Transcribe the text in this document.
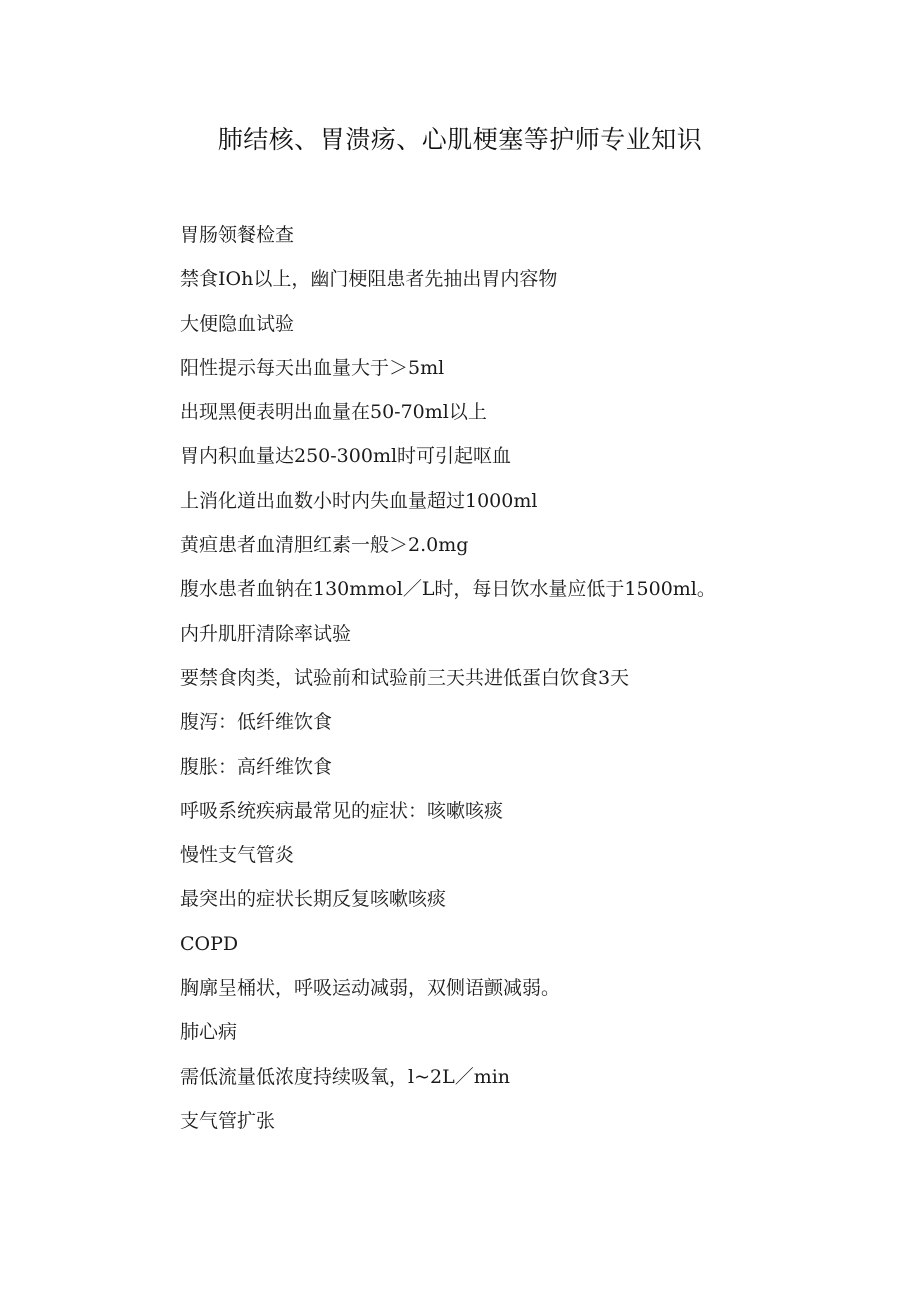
肺结核、胃溃疡、心肌梗塞等护师专业知识
胃肠领餐检查
禁食IOh以上，幽门梗阻患者先抽出胃内容物
大便隐血试验
阳性提示每天出血量大于＞5ml
出现黑便表明出血量在50-70ml以上
胃内积血量达250-300ml时可引起呕血
上消化道出血数小时内失血量超过1000ml
黄疸患者血清胆红素一般＞2.0mg
腹水患者血钠在130mmol／L时，每日饮水量应低于1500ml。
内升肌肝清除率试验
要禁食肉类，试验前和试验前三天共进低蛋白饮食3天
腹泻：低纤维饮食
腹胀：高纤维饮食
呼吸系统疾病最常见的症状：咳嗽咳痰
慢性支气管炎
最突出的症状长期反复咳嗽咳痰
COPD
胸廓呈桶状，呼吸运动减弱，双侧语颤减弱。
肺心病
需低流量低浓度持续吸氧，l~2L／min
支气管扩张
